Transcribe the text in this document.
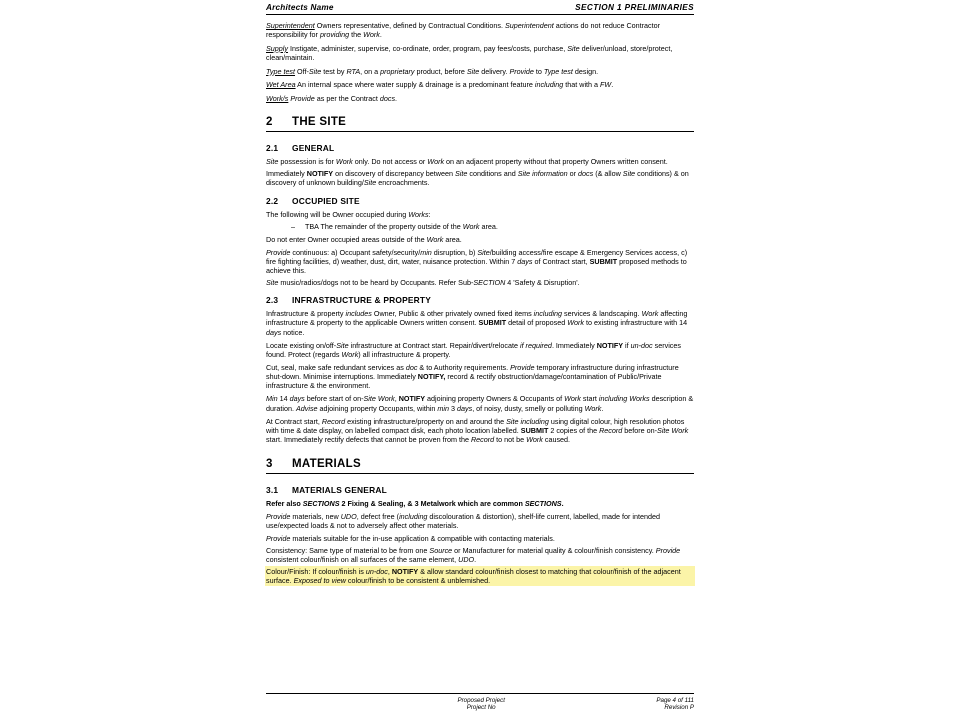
Architects Name	SECTION 1 PRELIMINARIES

Superintendent Owners representative, defined by Contractual Conditions. Superintendent actions do not reduce Contractor responsibility for providing the Work.

Supply Instigate, administer, supervise, co-ordinate, order, program, pay fees/costs, purchase, Site deliver/unload, store/protect, clean/maintain.

Type test Off-Site test by RTA, on a proprietary product, before Site delivery. Provide to Type test design.

Wet Area An internal space where water supply & drainage is a predominant feature including that with a FW.

Work/s Provide as per the Contract docs.

2	THE SITE
2.1	GENERAL

Site possession is for Work only. Do not access or Work on an adjacent property without that property Owners written consent.

Immediately NOTIFY on discovery of discrepancy between Site conditions and Site information or docs (& allow Site conditions) & on discovery of unknown building/Site encroachments.

2.2	OCCUPIED SITE

The following will be Owner occupied during Works:

–	TBA The remainder of the property outside of the Work area.

Do not enter Owner occupied areas outside of the Work area.

Provide continuous: a) Occupant safety/security/min disruption, b) Site/building access/fire escape & Emergency Services access, c) fire fighting facilities, d) weather, dust, dirt, water, nuisance protection. Within 7 days of Contract start, SUBMIT proposed methods to achieve this.

Site music/radios/dogs not to be heard by Occupants. Refer Sub-SECTION 4 'Safety & Disruption'.

2.3	INFRASTRUCTURE & PROPERTY

Infrastructure & property includes Owner, Public & other privately owned fixed items including services & landscaping. Work affecting infrastructure & property to the applicable Owners written consent. SUBMIT detail of proposed Work to existing infrastructure with 14 days notice.

Locate existing on/off-Site infrastructure at Contract start. Repair/divert/relocate if required. Immediately NOTIFY if un-doc services found. Protect (regards Work) all infrastructure & property.

Cut, seal, make safe redundant services as doc & to Authority requirements. Provide temporary infrastructure during infrastructure shut-down. Minimise interruptions. Immediately NOTIFY, record & rectify obstruction/damage/contamination of Public/Private infrastructure & the environment.

Min 14 days before start of on-Site Work, NOTIFY adjoining property Owners & Occupants of Work start including Works description & duration. Advise adjoining property Occupants, within min 3 days, of noisy, dusty, smelly or polluting Work.

At Contract start, Record existing infrastructure/property on and around the Site including using digital colour, high resolution photos with time & date display, on labelled compact disk, each photo location labelled. SUBMIT 2 copies of the Record before on-Site Work start. Immediately rectify defects that cannot be proven from the Record to not be Work caused.

3	MATERIALS
3.1	MATERIALS GENERAL

Refer also SECTIONS 2 Fixing & Sealing, & 3 Metalwork which are common SECTIONS.

Provide materials, new UDO, defect free (including discolouration & distortion), shelf-life current, labelled, made for intended use/expected loads & not to adversely affect other materials.

Provide materials suitable for the in-use application & compatible with contacting materials.

Consistency: Same type of material to be from one Source or Manufacturer for material quality & colour/finish consistency. Provide consistent colour/finish on all surfaces of the same element, UDO.

Colour/Finish: If colour/finish is un-doc, NOTIFY & allow standard colour/finish closest to matching that colour/finish of the adjacent surface. Exposed to view colour/finish to be consistent & unblemished.

Proposed Project
Project No
Page 4 of 111
Revision P
